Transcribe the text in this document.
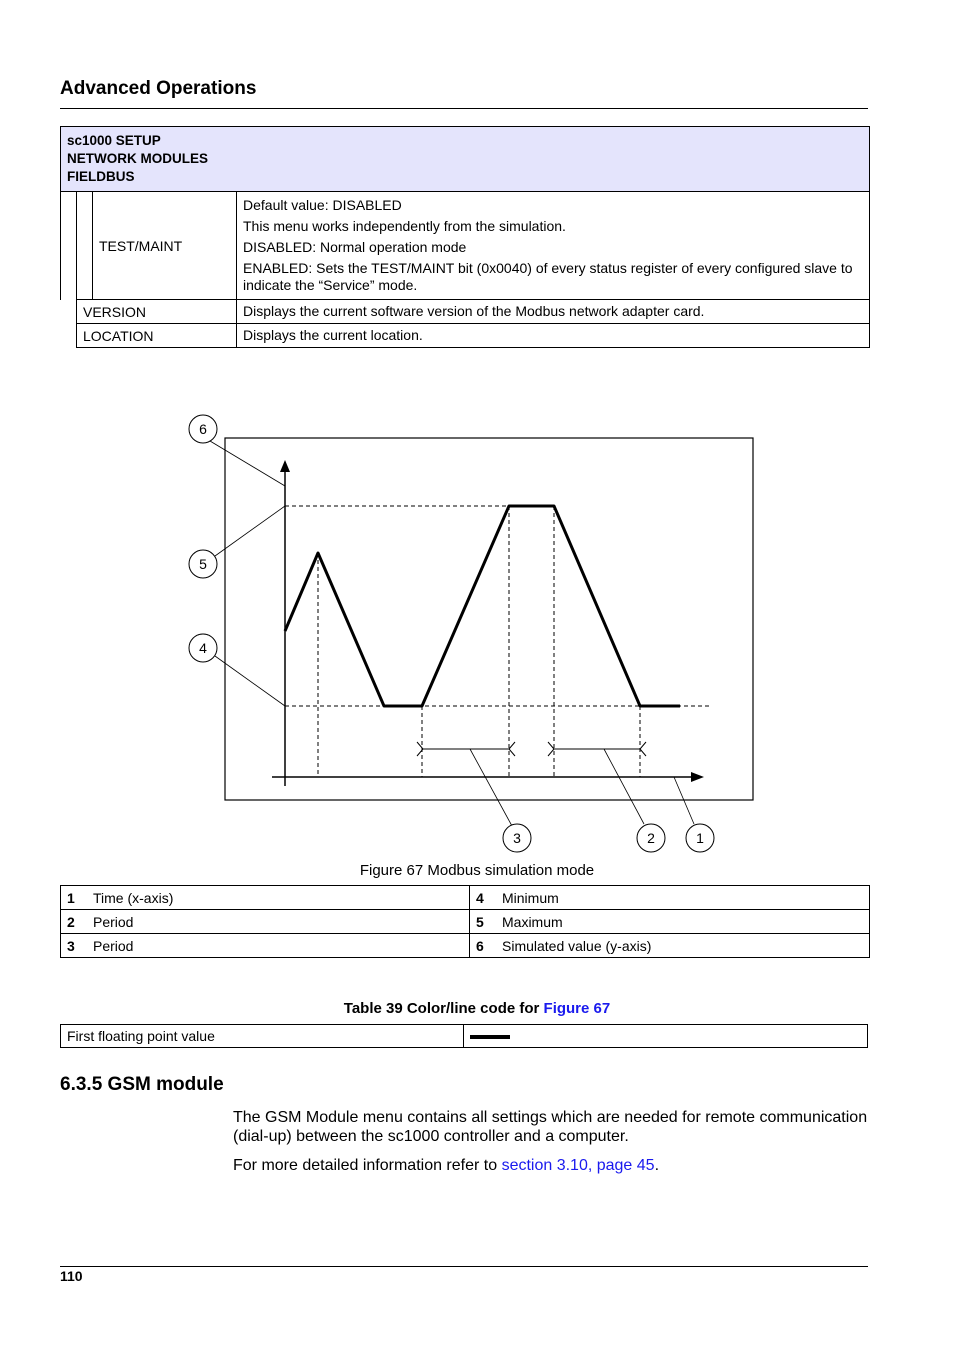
Advanced Operations
sc1000 SETUP
NETWORK MODULES
FIELDBUS			

		TEST/MAINT	Default value: DISABLED

This menu works independently from the simulation.

DISABLED: Normal operation mode

ENABLED: Sets the TEST/MAINT bit (0x0040) of every status register of every configured slave to indicate the “Service” mode.

	VERSION		Displays the current software version of the Modbus network adapter card.

	LOCATION		Displays the current location.

6
5
4
3	2	1
Figure 67 Modbus simulation mode
1	Time (x-axis)	4	Minimum
2	Period	5	Maximum
3	Period	6	Simulated value (y-axis)
Table 39 Color/line code for Figure 67
First floating point value	
6.3.5 GSM module
The GSM Module menu contains all settings which are needed for remote communication (dial-up) between the sc1000 controller and a computer.
For more detailed information refer to section 3.10, page 45.
110
